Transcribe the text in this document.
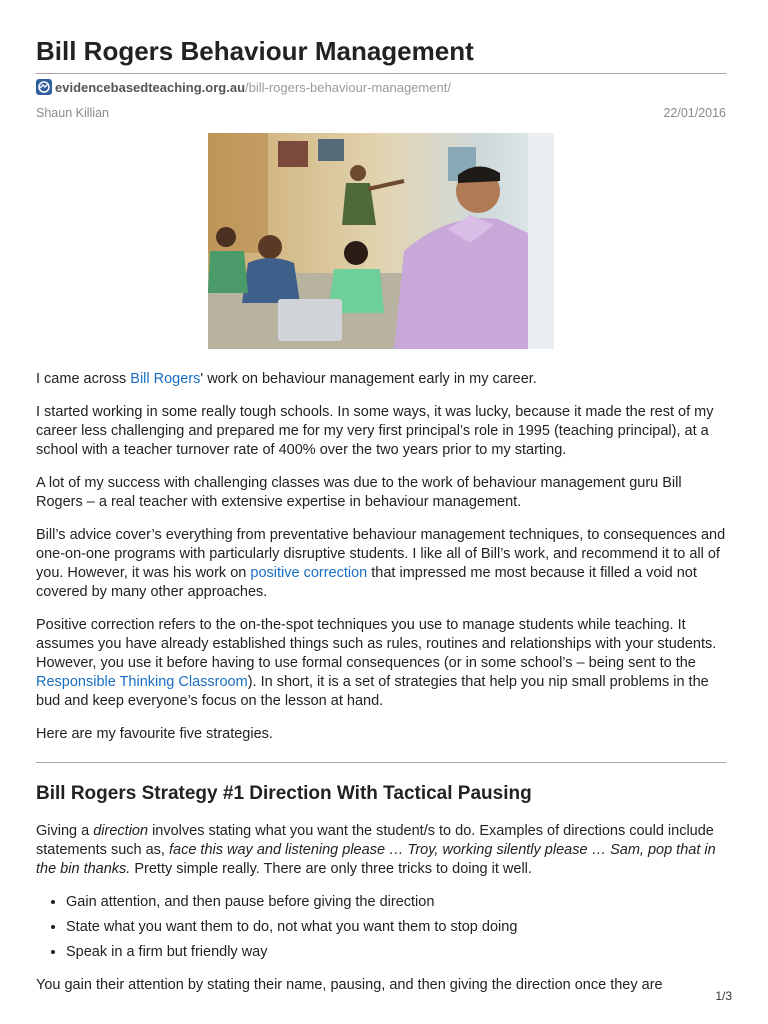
Bill Rogers Behaviour Management
evidencebasedteaching.org.au/bill-rogers-behaviour-management/
Shaun Killian	22/01/2016

I came across Bill Rogers' work on behaviour management early in my career.

I started working in some really tough schools. In some ways, it was lucky, because it made the rest of my career less challenging and prepared me for my very first principal’s role in 1995 (teaching principal), at a school with a teacher turnover rate of 400% over the two years prior to my starting.

A lot of my success with challenging classes was due to the work of behaviour management guru Bill Rogers – a real teacher with extensive expertise in behaviour management.

Bill’s advice cover’s everything from preventative behaviour management techniques, to consequences and one-on-one programs with particularly disruptive students. I like all of Bill’s work, and recommend it to all of you. However, it was his work on positive correction that impressed me most because it filled a void not covered by many other approaches.

Positive correction refers to the on-the-spot techniques you use to manage students while teaching. It assumes you have already established things such as rules, routines and relationships with your students. However, you use it before having to use formal consequences (or in some school’s – being sent to the Responsible Thinking Classroom). In short, it is a set of strategies that help you nip small problems in the bud and keep everyone’s focus on the lesson at hand.

Here are my favourite five strategies.

Bill Rogers Strategy #1 Direction With Tactical Pausing

Giving a direction involves stating what you want the student/s to do. Examples of directions could include statements such as, face this way and listening please … Troy, working silently please … Sam, pop that in the bin thanks. Pretty simple really. There are only three tricks to doing it well.

• Gain attention, and then pause before giving the direction
• State what you want them to do, not what you want them to stop doing
• Speak in a firm but friendly way

You gain their attention by stating their name, pausing, and then giving the direction once they are

1/3
